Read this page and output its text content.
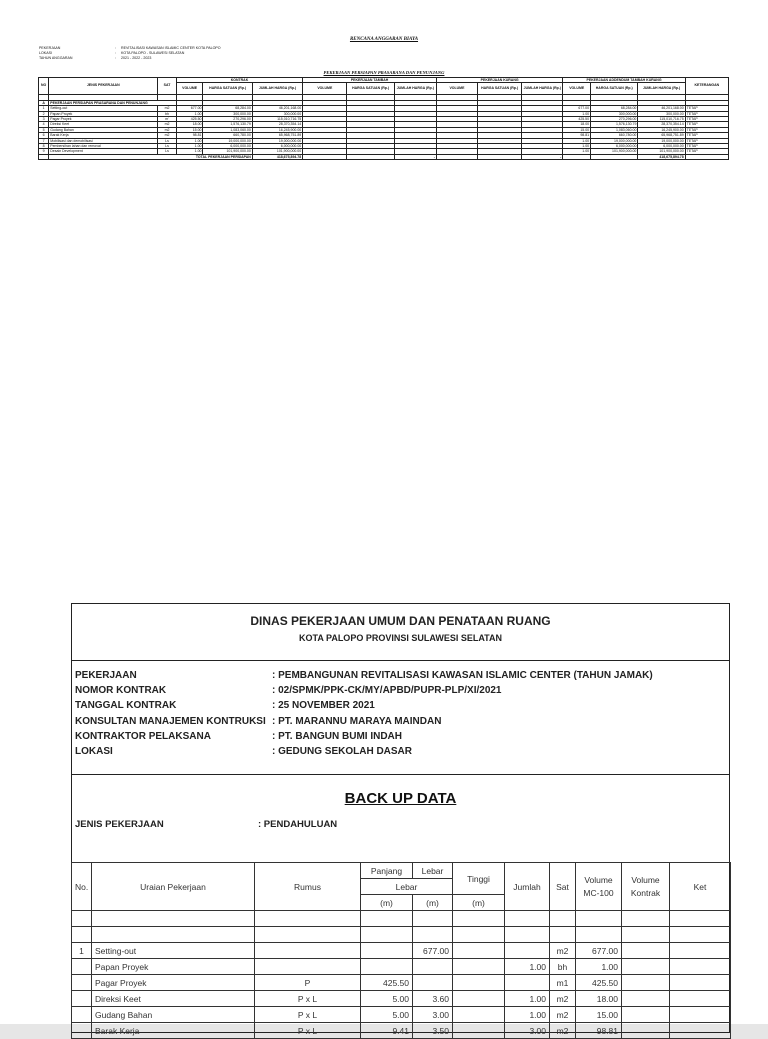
RENCANA ANGGARAN BIAYA
PEKERJAAN	:	REVITALISASI KAWASAN ISLAMIC CENTER KOTA PALOPO
LOKASI	:	KOTA PALOPO - SULAWESI SELATAN
TAHUN ANGGARAN	:	2021 - 2022 - 2023
PEKERJAAN PERSIAPAN PRASARANA DAN PENUNJANG
NO	JENIS PEKERJAAN	SAT	KONTRAK			PEKERJAAN TAMBAH			PEKERJAAN KURANG			PEKERJAAN ADDENDUM TAMBAH KURANG			KETERANGAN
			VOLUME	HARGA SATUAN (Rp.)	JUMLAH HARGA (Rp.)	VOLUME	HARGA SATUAN (Rp.)	JUMLAH HARGA (Rp.)	VOLUME	HARGA SATUAN (Rp.)	JUMLAH HARGA (Rp.)	VOLUME	HARGA SATUAN (Rp.)	JUMLAH HARGA (Rp.)	

A	PEKERJAAN PERSIAPAN PRASARANA DAN PENUNJANG														
1	Setting-out	m2	677.00	68,284.00	46,201,168.00							677.00	68,284.00	46,201,168.00	TETAP
2	Papan Proyek	bh	1.00	300,000.00	300,000.00							1.00	300,000.00	300,000.00	TETAP
3	Pagar Proyek	m'	425.50	270,296.00	115,010,716.75							425.50	270,296.00	115,010,716.75	TETAP
4	Direksi Keet	m2	18.00	1,576,130.79	28,370,354.14							18.00	1,576,130.79	28,370,354.14	TETAP
5	Gudang Bahan	m2	15.00	1,083,060.00	16,245,900.00							15.00	1,083,060.00	16,245,900.00	TETAP
6	Barak Kerja	m2	98.81	660,780.00	65,968,751.89							98.81	660,780.00	65,968,751.89	TETAP
7	Mobilisasi dan demobilisasi	Ls	1.00	19,000,000.00	19,000,000.00							1.00	19,000,000.00	19,000,000.00	TETAP
8	Pembersihan lahan dan removal	Ls	1.00	6,000,000.00	6,000,000.00							1.00	6,000,000.00	6,000,000.00	TETAP
9	Desain Development	Ls	1.00	101,900,000.00	101,900,000.00							1.00	101,900,000.00	101,900,000.00	TETAP
	TOTAL PEKERJAAN PERSIAPAN				418,675,894.78			-			-			418,675,894.78	
DINAS PEKERJAAN UMUM DAN PENATAAN RUANG
KOTA PALOPO PROVINSI SULAWESI SELATAN
PEKERJAAN	: PEMBANGUNAN REVITALISASI KAWASAN ISLAMIC CENTER (TAHUN JAMAK)
NOMOR KONTRAK	: 02/SPMK/PPK-CK/MY/APBD/PUPR-PLP/XI/2021
TANGGAL KONTRAK	: 25 NOVEMBER 2021
KONSULTAN MANAJEMEN KONTRUKSI : PT. MARANNU MARAYA MAINDAN
KONTRAKTOR PELAKSANA	: PT. BANGUN BUMI INDAH
LOKASI	: GEDUNG SEKOLAH DASAR
BACK UP DATA
JENIS PEKERJAAN	: PENDAHULUAN
No.	Uraian Pekerjaan	Rumus	Panjang	Lebar	Tinggi	Jumlah	Sat	Volume MC-100	Volume Kontrak	Ket
			Lebar							
			(m)	(m)	(m)					

1	Setting-out			677.00			m2	677.00		
	Papan Proyek					1.00	bh	1.00		
	Pagar Proyek	P	425.50				m1	425.50		
	Direksi Keet	P x L	5.00	3.60		1.00	m2	18.00		
	Gudang Bahan	P x L	5.00	3.00		1.00	m2	15.00		
	Barak Kerja	P x L	9.41	3.50		3.00	m2	98.81		
